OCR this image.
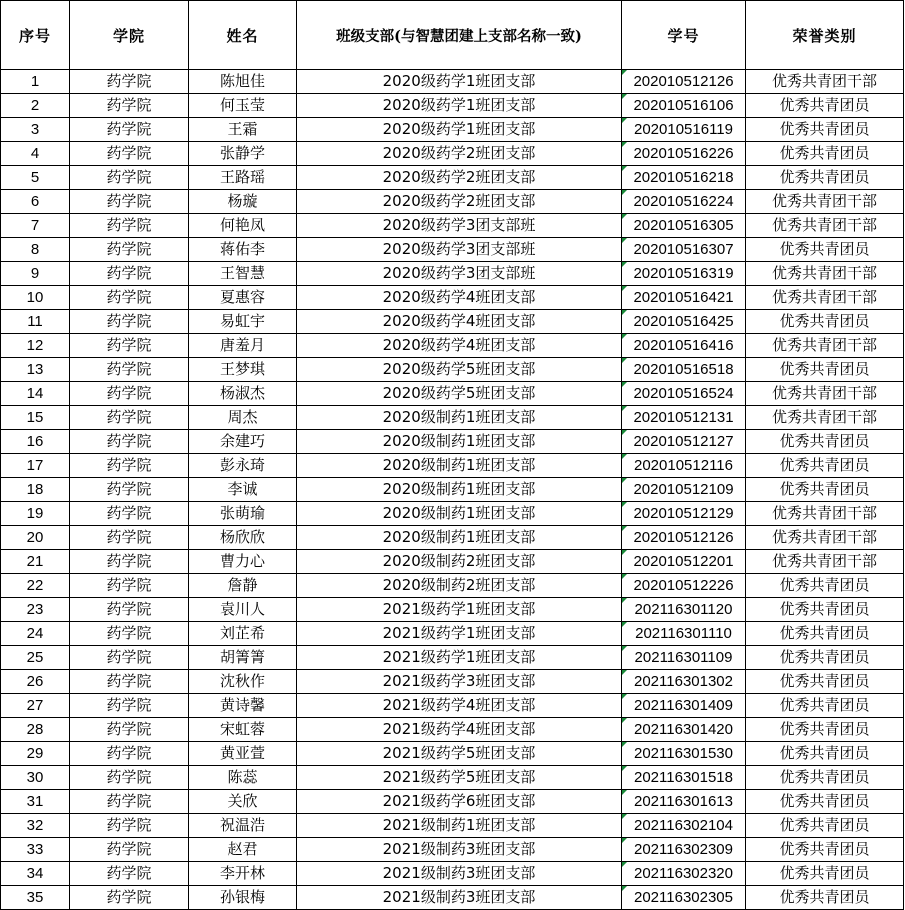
序号	学院	姓名	班级支部(与智慧团建上支部名称一致)	学号	荣誉类别
1	药学院	陈旭佳	2020级药学1班团支部	202010512126	优秀共青团干部
2	药学院	何玉莹	2020级药学1班团支部	202010516106	优秀共青团员
3	药学院	王霜	2020级药学1班团支部	202010516119	优秀共青团员
4	药学院	张静学	2020级药学2班团支部	202010516226	优秀共青团员
5	药学院	王路瑶	2020级药学2班团支部	202010516218	优秀共青团员
6	药学院	杨璇	2020级药学2班团支部	202010516224	优秀共青团干部
7	药学院	何艳凤	2020级药学3团支部班	202010516305	优秀共青团干部
8	药学院	蒋佑李	2020级药学3团支部班	202010516307	优秀共青团员
9	药学院	王智慧	2020级药学3团支部班	202010516319	优秀共青团干部
10	药学院	夏惠容	2020级药学4班团支部	202010516421	优秀共青团干部
11	药学院	易虹宇	2020级药学4班团支部	202010516425	优秀共青团员
12	药学院	唐羞月	2020级药学4班团支部	202010516416	优秀共青团干部
13	药学院	王梦琪	2020级药学5班团支部	202010516518	优秀共青团员
14	药学院	杨淑杰	2020级药学5班团支部	202010516524	优秀共青团干部
15	药学院	周杰	2020级制药1班团支部	202010512131	优秀共青团干部
16	药学院	余建巧	2020级制药1班团支部	202010512127	优秀共青团员
17	药学院	彭永琦	2020级制药1班团支部	202010512116	优秀共青团员
18	药学院	李诚	2020级制药1班团支部	202010512109	优秀共青团员
19	药学院	张萌瑜	2020级制药1班团支部	202010512129	优秀共青团干部
20	药学院	杨欣欣	2020级制药1班团支部	202010512126	优秀共青团干部
21	药学院	曹力心	2020级制药2班团支部	202010512201	优秀共青团干部
22	药学院	詹静	2020级制药2班团支部	202010512226	优秀共青团员
23	药学院	袁川人	2021级药学1班团支部	202116301120	优秀共青团员
24	药学院	刘芷希	2021级药学1班团支部	202116301110	优秀共青团员
25	药学院	胡箐箐	2021级药学1班团支部	202116301109	优秀共青团员
26	药学院	沈秋作	2021级药学3班团支部	202116301302	优秀共青团员
27	药学院	黄诗馨	2021级药学4班团支部	202116301409	优秀共青团员
28	药学院	宋虹蓉	2021级药学4班团支部	202116301420	优秀共青团员
29	药学院	黄亚萱	2021级药学5班团支部	202116301530	优秀共青团员
30	药学院	陈蕊	2021级药学5班团支部	202116301518	优秀共青团员
31	药学院	关欣	2021级药学6班团支部	202116301613	优秀共青团员
32	药学院	祝温浩	2021级制药1班团支部	202116302104	优秀共青团员
33	药学院	赵君	2021级制药3班团支部	202116302309	优秀共青团员
34	药学院	李开林	2021级制药3班团支部	202116302320	优秀共青团员
35	药学院	孙银梅	2021级制药3班团支部	202116302305	优秀共青团员
